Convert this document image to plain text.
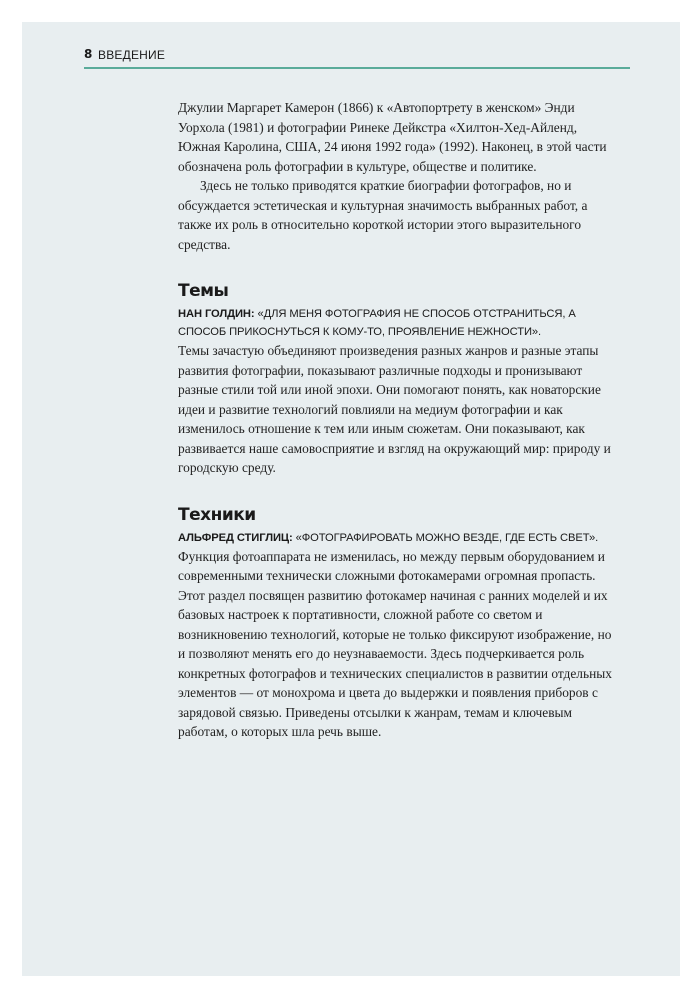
8 ВВЕДЕНИЕ

Джулии Маргарет Камерон (1866) к «Автопортрету в женском» Энди Уорхола (1981) и фотографии Ринеке Дейкстра «Хилтон-Хед-Айленд, Южная Каролина, США, 24 июня 1992 года» (1992). Наконец, в этой части обозначена роль фотографии в культуре, обществе и политике.

Здесь не только приводятся краткие биографии фотографов, но и обсуждается эстетическая и культурная значимость выбранных работ, а также их роль в относительно короткой истории этого выразительного средства.

Темы
НАН ГОЛДИН: «ДЛЯ МЕНЯ ФОТОГРАФИЯ НЕ СПОСОБ ОТСТРАНИТЬСЯ, А СПОСОБ ПРИКОСНУТЬСЯ К КОМУ-ТО, ПРОЯВЛЕНИЕ НЕЖНОСТИ».

Темы зачастую объединяют произведения разных жанров и разные этапы развития фотографии, показывают различные подходы и пронизывают разные стили той или иной эпохи. Они помогают понять, как новаторские идеи и развитие технологий повлияли на медиум фотографии и как изменилось отношение к тем или иным сюжетам. Они показывают, как развивается наше самовосприятие и взгляд на окружающий мир: природу и городскую среду.

Техники
АЛЬФРЕД СТИГЛИЦ: «ФОТОГРАФИРОВАТЬ МОЖНО ВЕЗДЕ, ГДЕ ЕСТЬ СВЕТ».

Функция фотоаппарата не изменилась, но между первым оборудованием и современными технически сложными фотокамерами огромная пропасть. Этот раздел посвящен развитию фотокамер начиная с ранних моделей и их базовых настроек к портативности, сложной работе со светом и возникновению технологий, которые не только фиксируют изображение, но и позволяют менять его до неузнаваемости. Здесь подчеркивается роль конкретных фотографов и технических специалистов в развитии отдельных элементов — от монохрома и цвета до выдержки и появления приборов с зарядовой связью. Приведены отсылки к жанрам, темам и ключевым работам, о которых шла речь выше.
